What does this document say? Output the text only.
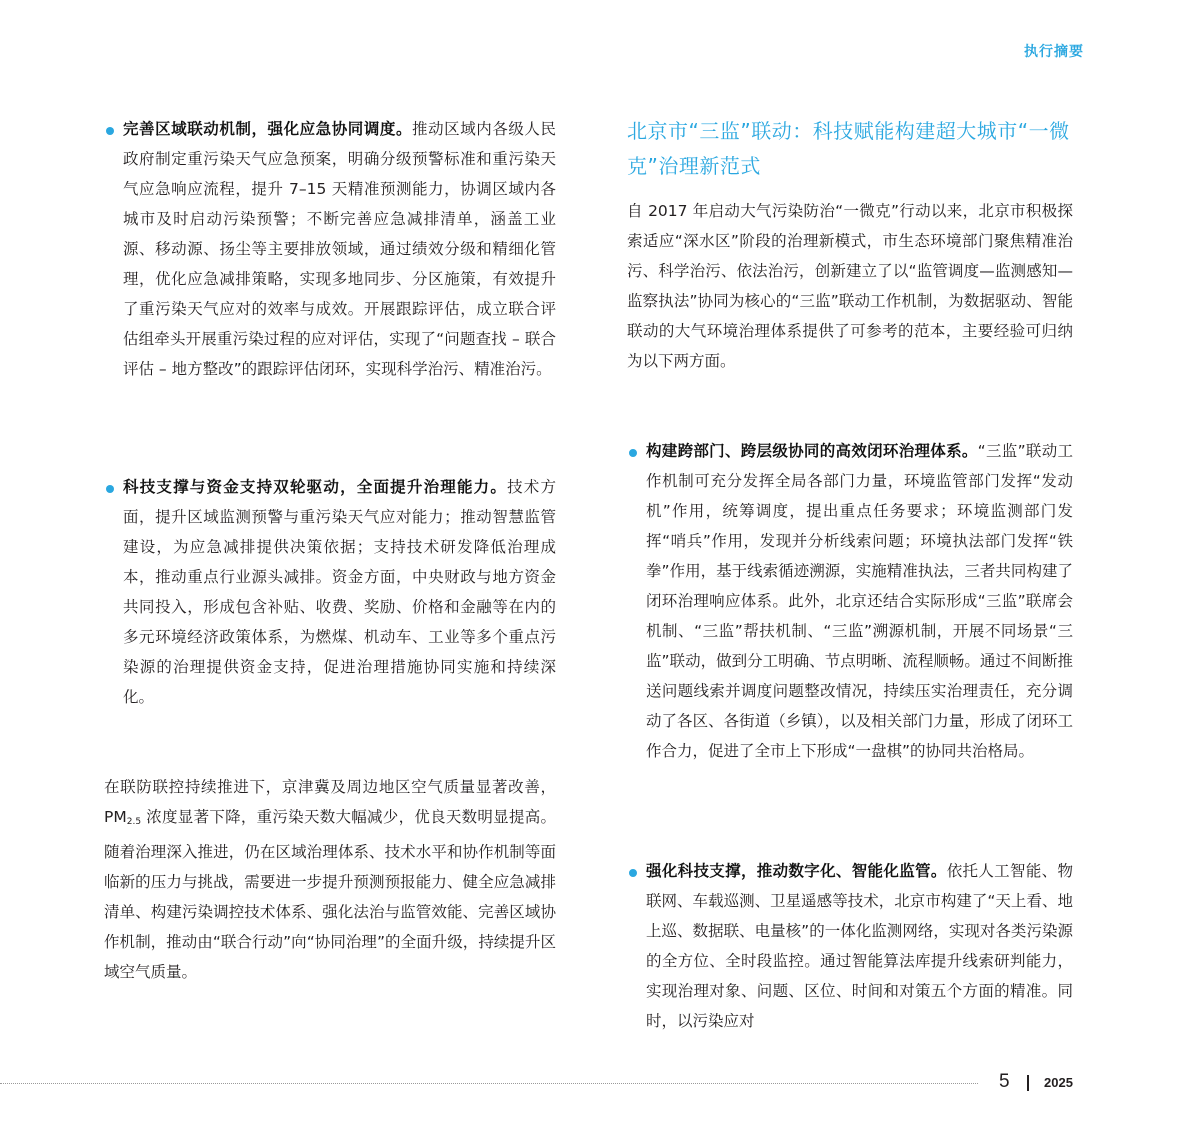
执行摘要
完善区域联动机制，强化应急协同调度。推动区域内各级人民政府制定重污染天气应急预案，明确分级预警标准和重污染天气应急响应流程，提升 7–15 天精准预测能力，协调区域内各城市及时启动污染预警；不断完善应急减排清单，涵盖工业源、移动源、扬尘等主要排放领域，通过绩效分级和精细化管理，优化应急减排策略，实现多地同步、分区施策，有效提升了重污染天气应对的效率与成效。开展跟踪评估，成立联合评估组牵头开展重污染过程的应对评估，实现了“问题查找 – 联合评估 – 地方整改”的跟踪评估闭环，实现科学治污、精准治污。
科技支撑与资金支持双轮驱动，全面提升治理能力。技术方面，提升区域监测预警与重污染天气应对能力；推动智慧监管建设，为应急减排提供决策依据；支持技术研发降低治理成本，推动重点行业源头减排。资金方面，中央财政与地方资金共同投入，形成包含补贴、收费、奖励、价格和金融等在内的多元环境经济政策体系，为燃煤、机动车、工业等多个重点污染源的治理提供资金支持，促进治理措施协同实施和持续深化。
在联防联控持续推进下，京津冀及周边地区空气质量显著改善，$PM_{2.5}$ 浓度显著下降，重污染天数大幅减少，优良天数明显提高。随着治理深入推进，仍在区域治理体系、技术水平和协作机制等面临新的压力与挑战，需要进一步提升预测预报能力、健全应急减排清单、构建污染调控技术体系、强化法治与监管效能、完善区域协作机制，推动由“联合行动”向“协同治理”的全面升级，持续提升区域空气质量。
北京市“三监”联动：科技赋能构建超大城市“一微克”治理新范式
自 2017 年启动大气污染防治“一微克”行动以来，北京市积极探索适应“深水区”阶段的治理新模式，市生态环境部门聚焦精准治污、科学治污、依法治污，创新建立了以“监管调度—监测感知—监察执法”协同为核心的“三监”联动工作机制，为数据驱动、智能联动的大气环境治理体系提供了可参考的范本，主要经验可归纳为以下两方面。
构建跨部门、跨层级协同的高效闭环治理体系。“三监”联动工作机制可充分发挥全局各部门力量，环境监管部门发挥“发动机”作用，统筹调度，提出重点任务要求；环境监测部门发挥“哨兵”作用，发现并分析线索问题；环境执法部门发挥“铁拳”作用，基于线索循迹溯源，实施精准执法，三者共同构建了闭环治理响应体系。此外，北京还结合实际形成“三监”联席会机制、“三监”帮扶机制、“三监”溯源机制，开展不同场景“三监”联动，做到分工明确、节点明晰、流程顺畅。通过不间断推送问题线索并调度问题整改情况，持续压实治理责任，充分调动了各区、各街道（乡镇），以及相关部门力量，形成了闭环工作合力，促进了全市上下形成“一盘棋”的协同共治格局。
强化科技支撑，推动数字化、智能化监管。依托人工智能、物联网、车载巡测、卫星遥感等技术，北京市构建了“天上看、地上巡、数据联、电量核”的一体化监测网络，实现对各类污染源的全方位、全时段监控。通过智能算法库提升线索研判能力，实现治理对象、问题、区位、时间和对策五个方面的精准。同时，以污染应对
5	2025
